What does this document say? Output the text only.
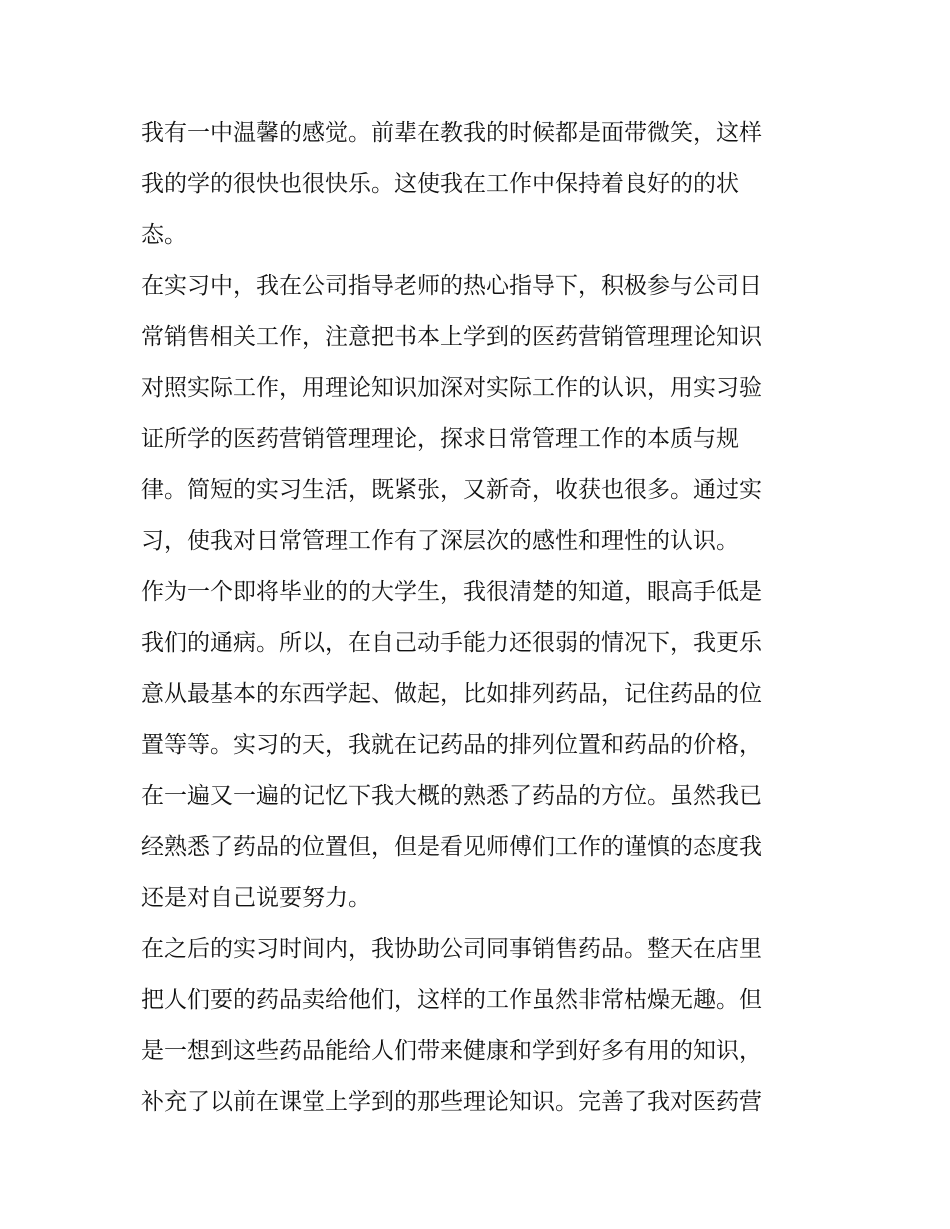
我有一中温馨的感觉。前辈在教我的时候都是面带微笑，这样
我的学的很快也很快乐。这使我在工作中保持着良好的的状
态。
在实习中，我在公司指导老师的热心指导下，积极参与公司日
常销售相关工作，注意把书本上学到的医药营销管理理论知识
对照实际工作，用理论知识加深对实际工作的认识，用实习验
证所学的医药营销管理理论，探求日常管理工作的本质与规
律。简短的实习生活，既紧张，又新奇，收获也很多。通过实
习，使我对日常管理工作有了深层次的感性和理性的认识。
作为一个即将毕业的的大学生，我很清楚的知道，眼高手低是
我们的通病。所以，在自己动手能力还很弱的情况下，我更乐
意从最基本的东西学起、做起，比如排列药品，记住药品的位
置等等。实习的天，我就在记药品的排列位置和药品的价格，
在一遍又一遍的记忆下我大概的熟悉了药品的方位。虽然我已
经熟悉了药品的位置但，但是看见师傅们工作的谨慎的态度我
还是对自己说要努力。
在之后的实习时间内，我协助公司同事销售药品。整天在店里
把人们要的药品卖给他们，这样的工作虽然非常枯燥无趣。但
是一想到这些药品能给人们带来健康和学到好多有用的知识，
补充了以前在课堂上学到的那些理论知识。完善了我对医药营
